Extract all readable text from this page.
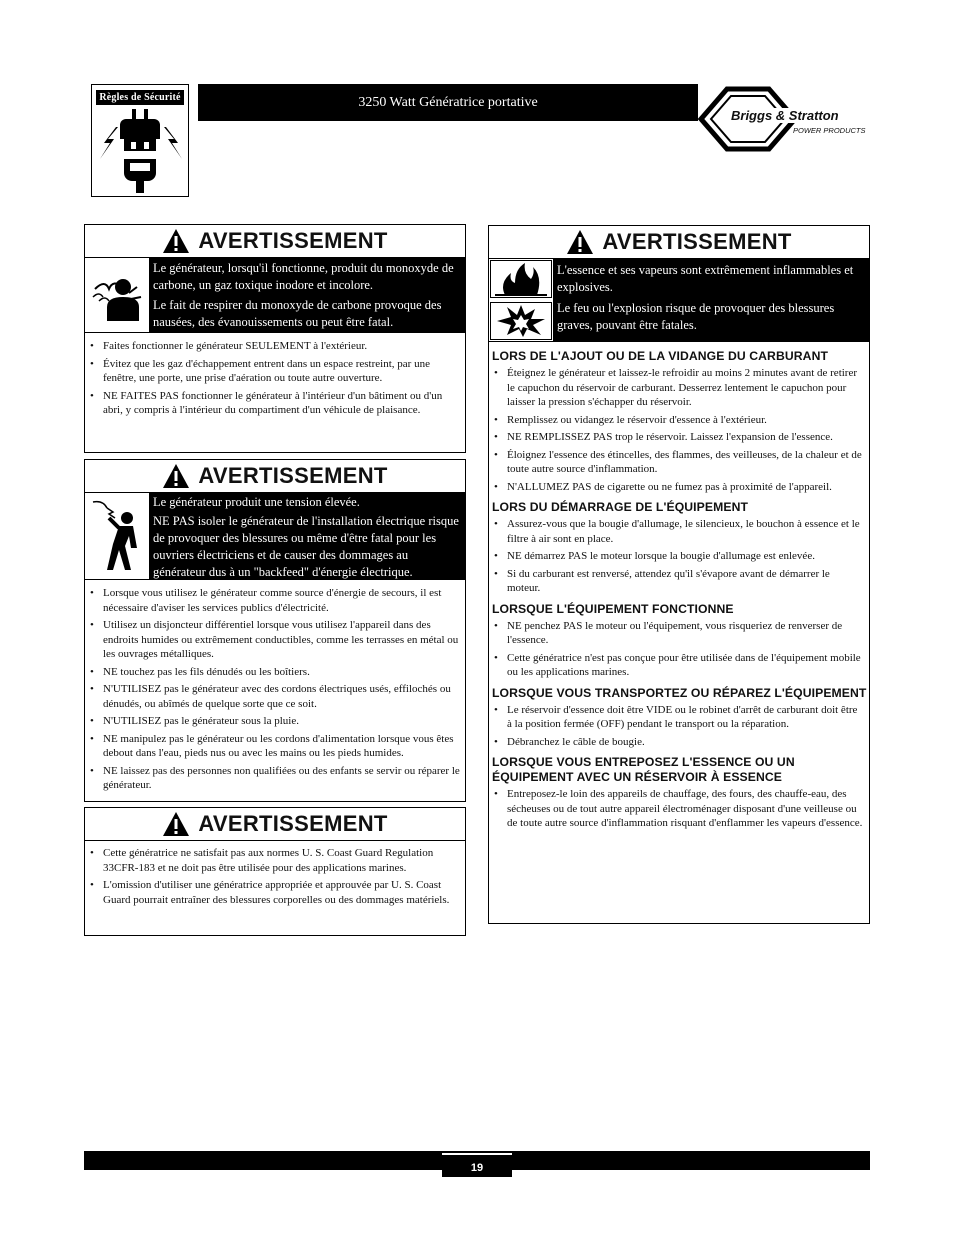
Règles de Sécurité	3250 Watt Génératrice portative
Briggs & Stratton
POWER PRODUCTS
AVERTISSEMENT

Le générateur, lorsqu'il fonctionne, produit du monoxyde de carbone, un gaz toxique inodore et incolore.

Le fait de respirer du monoxyde de carbone provoque des nausées, des évanouissements ou peut être fatal.

• Faites fonctionner le générateur SEULEMENT à l'extérieur.
• Évitez que les gaz d'échappement entrent dans un espace restreint, par une fenêtre, une porte, une prise d'aération ou toute autre ouverture.
• NE FAITES PAS fonctionner le générateur à l'intérieur d'un bâtiment ou d'un abri, y compris à l'intérieur du compartiment d'un véhicule de plaisance.
AVERTISSEMENT

Le générateur produit une tension élevée.

NE PAS isoler le générateur de l'installation électrique risque de provoquer des blessures ou même d'être fatal pour les ouvriers électriciens et de causer des dommages au générateur dus à un "backfeed" d'énergie électrique.

• Lorsque vous utilisez le générateur comme source d'énergie de secours, il est nécessaire d'aviser les services publics d'électricité.
• Utilisez un disjoncteur différentiel lorsque vous utilisez l'appareil dans des endroits humides ou extrêmement conductibles, comme les terrasses en métal ou les ouvrages métalliques.
• NE touchez pas les fils dénudés ou les boîtiers.
• N'UTILISEZ pas le générateur avec des cordons électriques usés, effilochés ou dénudés, ou abîmés de quelque sorte que ce soit.
• N'UTILISEZ pas le générateur sous la pluie.
• NE manipulez pas le générateur ou les cordons d'alimentation lorsque vous êtes debout dans l'eau, pieds nus ou avec les mains ou les pieds humides.
• NE laissez pas des personnes non qualifiées ou des enfants se servir ou réparer le générateur.
AVERTISSEMENT
• Cette génératrice ne satisfait pas aux normes U. S. Coast Guard Regulation 33CFR-183 et ne doit pas être utilisée pour des applications marines.
• L'omission d'utiliser une génératrice appropriée et approuvée par U. S. Coast Guard pourrait entraîner des blessures corporelles ou des dommages matériels.
AVERTISSEMENT

L'essence et ses vapeurs sont extrêmement inflammables et explosives.

Le feu ou l'explosion risque de provoquer des blessures graves, pouvant être fatales.

LORS DE L'AJOUT OU DE LA VIDANGE DU CARBURANT
• Éteignez le générateur et laissez-le refroidir au moins 2 minutes avant de retirer le capuchon du réservoir de carburant. Desserrez lentement le capuchon pour laisser la pression s'échapper du réservoir.
• Remplissez ou vidangez le réservoir d'essence à l'extérieur.
• NE REMPLISSEZ PAS trop le réservoir. Laissez l'expansion de l'essence.
• Éloignez l'essence des étincelles, des flammes, des veilleuses, de la chaleur et de toute autre source d'inflammation.
• N'ALLUMEZ PAS de cigarette ou ne fumez pas à proximité de l'appareil.
LORS DU DÉMARRAGE DE L'ÉQUIPEMENT
• Assurez-vous que la bougie d'allumage, le silencieux, le bouchon à essence et le filtre à air sont en place.
• NE démarrez PAS le moteur lorsque la bougie d'allumage est enlevée.
• Si du carburant est renversé, attendez qu'il s'évapore avant de démarrer le moteur.
LORSQUE L'ÉQUIPEMENT FONCTIONNE
• NE penchez PAS le moteur ou l'équipement, vous risqueriez de renverser de l'essence.
• Cette génératrice n'est pas conçue pour être utilisée dans de l'équipement mobile ou les applications marines.
LORSQUE VOUS TRANSPORTEZ OU RÉPAREZ L'ÉQUIPEMENT
• Le réservoir d'essence doit être VIDE ou le robinet d'arrêt de carburant doit être à la position fermée (OFF) pendant le transport ou la réparation.
• Débranchez le câble de bougie.
LORSQUE VOUS ENTREPOSEZ L'ESSENCE OU UN ÉQUIPEMENT AVEC UN RÉSERVOIR À ESSENCE
• Entreposez-le loin des appareils de chauffage, des fours, des chauffe-eau, des sécheuses ou de tout autre appareil électroménager disposant d'une veilleuse ou de toute autre source d'inflammation risquant d'enflammer les vapeurs d'essence.
19
